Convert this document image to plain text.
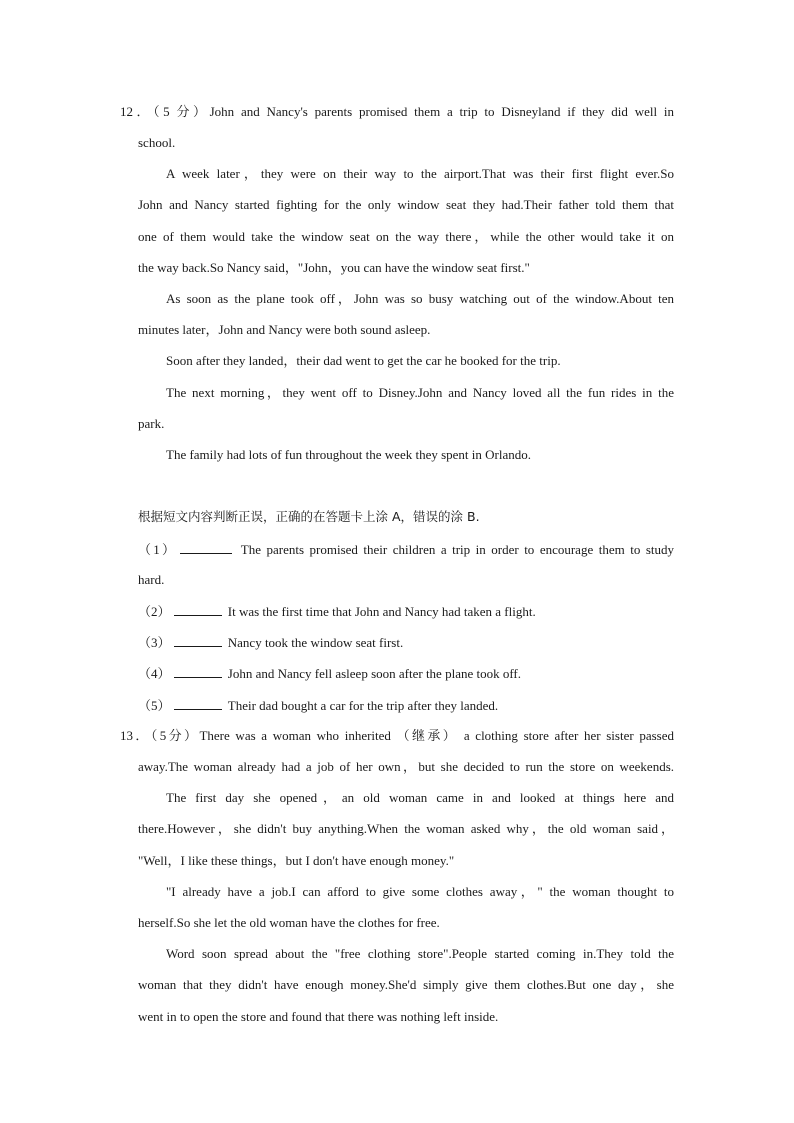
12．（5 分）John and Nancy's parents promised them a trip to Disneyland if they did well in
school.
A week later，they were on their way to the airport.That was their first flight ever.So
John and Nancy started fighting for the only window seat they had.Their father told them that
one of them would take the window seat on the way there，while the other would take it on
the way back.So Nancy said，"John，you can have the window seat first."
As soon as the plane took off，John was so busy watching out of the window.About ten
minutes later，John and Nancy were both sound asleep.
Soon after they landed，their dad went to get the car he booked for the trip.
The next morning，they went off to Disney.John and Nancy loved all the fun rides in the
park.
The family had lots of fun throughout the week they spent in Orlando.
根据短文内容判断正误，正确的在答题卡上涂 A，错误的涂 B.
（1）	The parents promised their children a trip in order to encourage them to study
hard.
（2）	It was the first time that John and Nancy had taken a flight.
（3）	Nancy took the window seat first.
（4）	John and Nancy fell asleep soon after the plane took off.
（5）	Their dad bought a car for the trip after they landed.
13．（5分）There was a woman who inherited （继承） a clothing store after her sister passed
away.The woman already had a job of her own，but she decided to run the store on weekends.
The first day she opened，an old woman came in and looked at things here and
there.However，she didn't buy anything.When the woman asked why，the old woman said，
"Well，I like these things，but I don't have enough money."
"I already have a job.I can afford to give some clothes away，" the woman thought to
herself.So she let the old woman have the clothes for free.
Word soon spread about the "free clothing store".People started coming in.They told the
woman that they didn't have enough money.She'd simply give them clothes.But one day，she
went in to open the store and found that there was nothing left inside.
